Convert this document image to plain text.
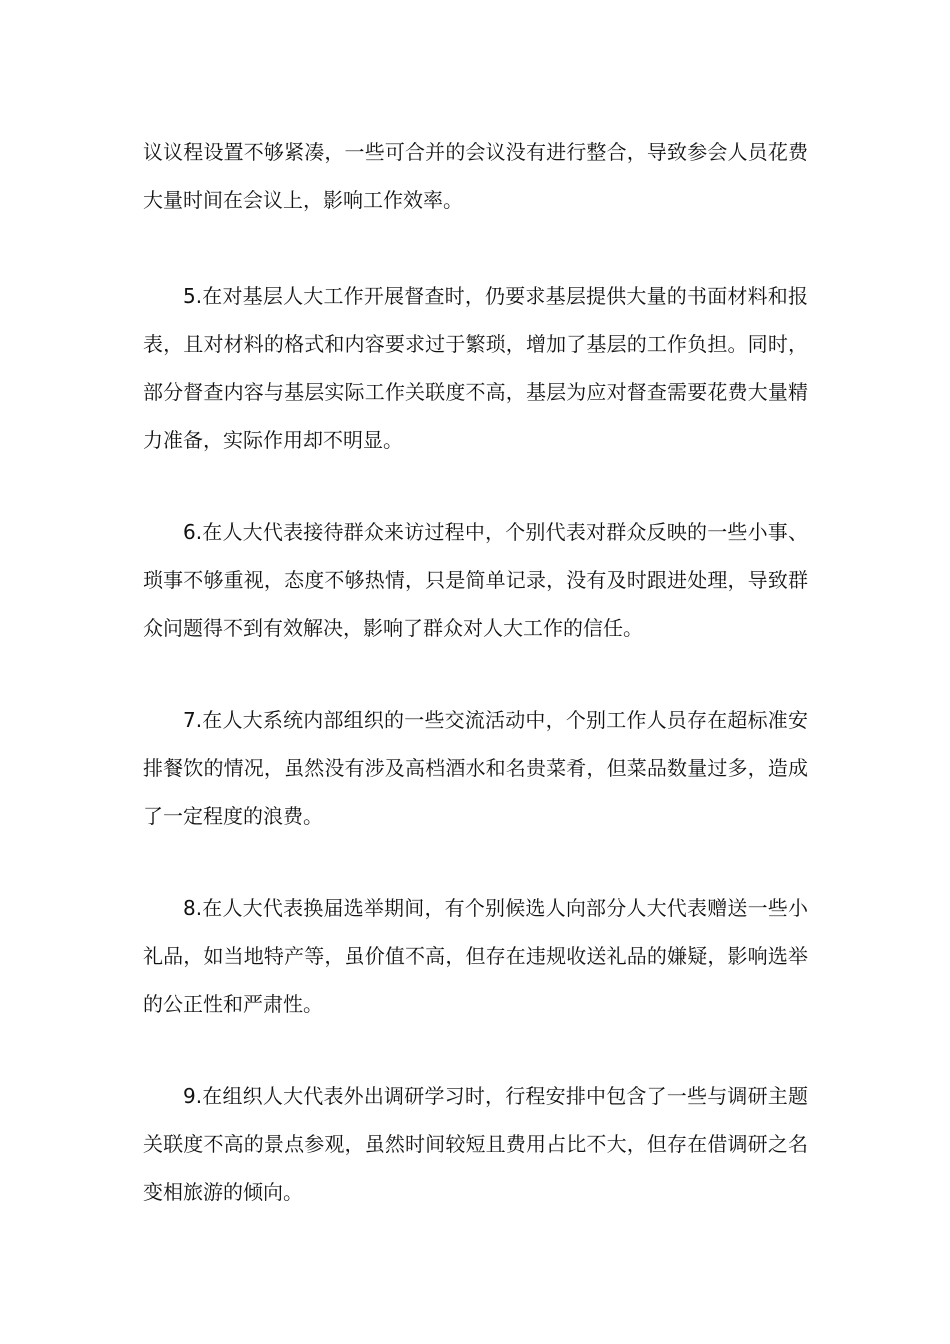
议议程设置不够紧凑，一些可合并的会议没有进行整合，导致参会人员花费大量时间在会议上，影响工作效率。

5.在对基层人大工作开展督查时，仍要求基层提供大量的书面材料和报表，且对材料的格式和内容要求过于繁琐，增加了基层的工作负担。同时，部分督查内容与基层实际工作关联度不高，基层为应对督查需要花费大量精力准备，实际作用却不明显。

6.在人大代表接待群众来访过程中，个别代表对群众反映的一些小事、琐事不够重视，态度不够热情，只是简单记录，没有及时跟进处理，导致群众问题得不到有效解决，影响了群众对人大工作的信任。

7.在人大系统内部组织的一些交流活动中，个别工作人员存在超标准安排餐饮的情况，虽然没有涉及高档酒水和名贵菜肴，但菜品数量过多，造成了一定程度的浪费。

8.在人大代表换届选举期间，有个别候选人向部分人大代表赠送一些小礼品，如当地特产等，虽价值不高，但存在违规收送礼品的嫌疑，影响选举的公正性和严肃性。

9.在组织人大代表外出调研学习时，行程安排中包含了一些与调研主题关联度不高的景点参观，虽然时间较短且费用占比不大，但存在借调研之名变相旅游的倾向。
